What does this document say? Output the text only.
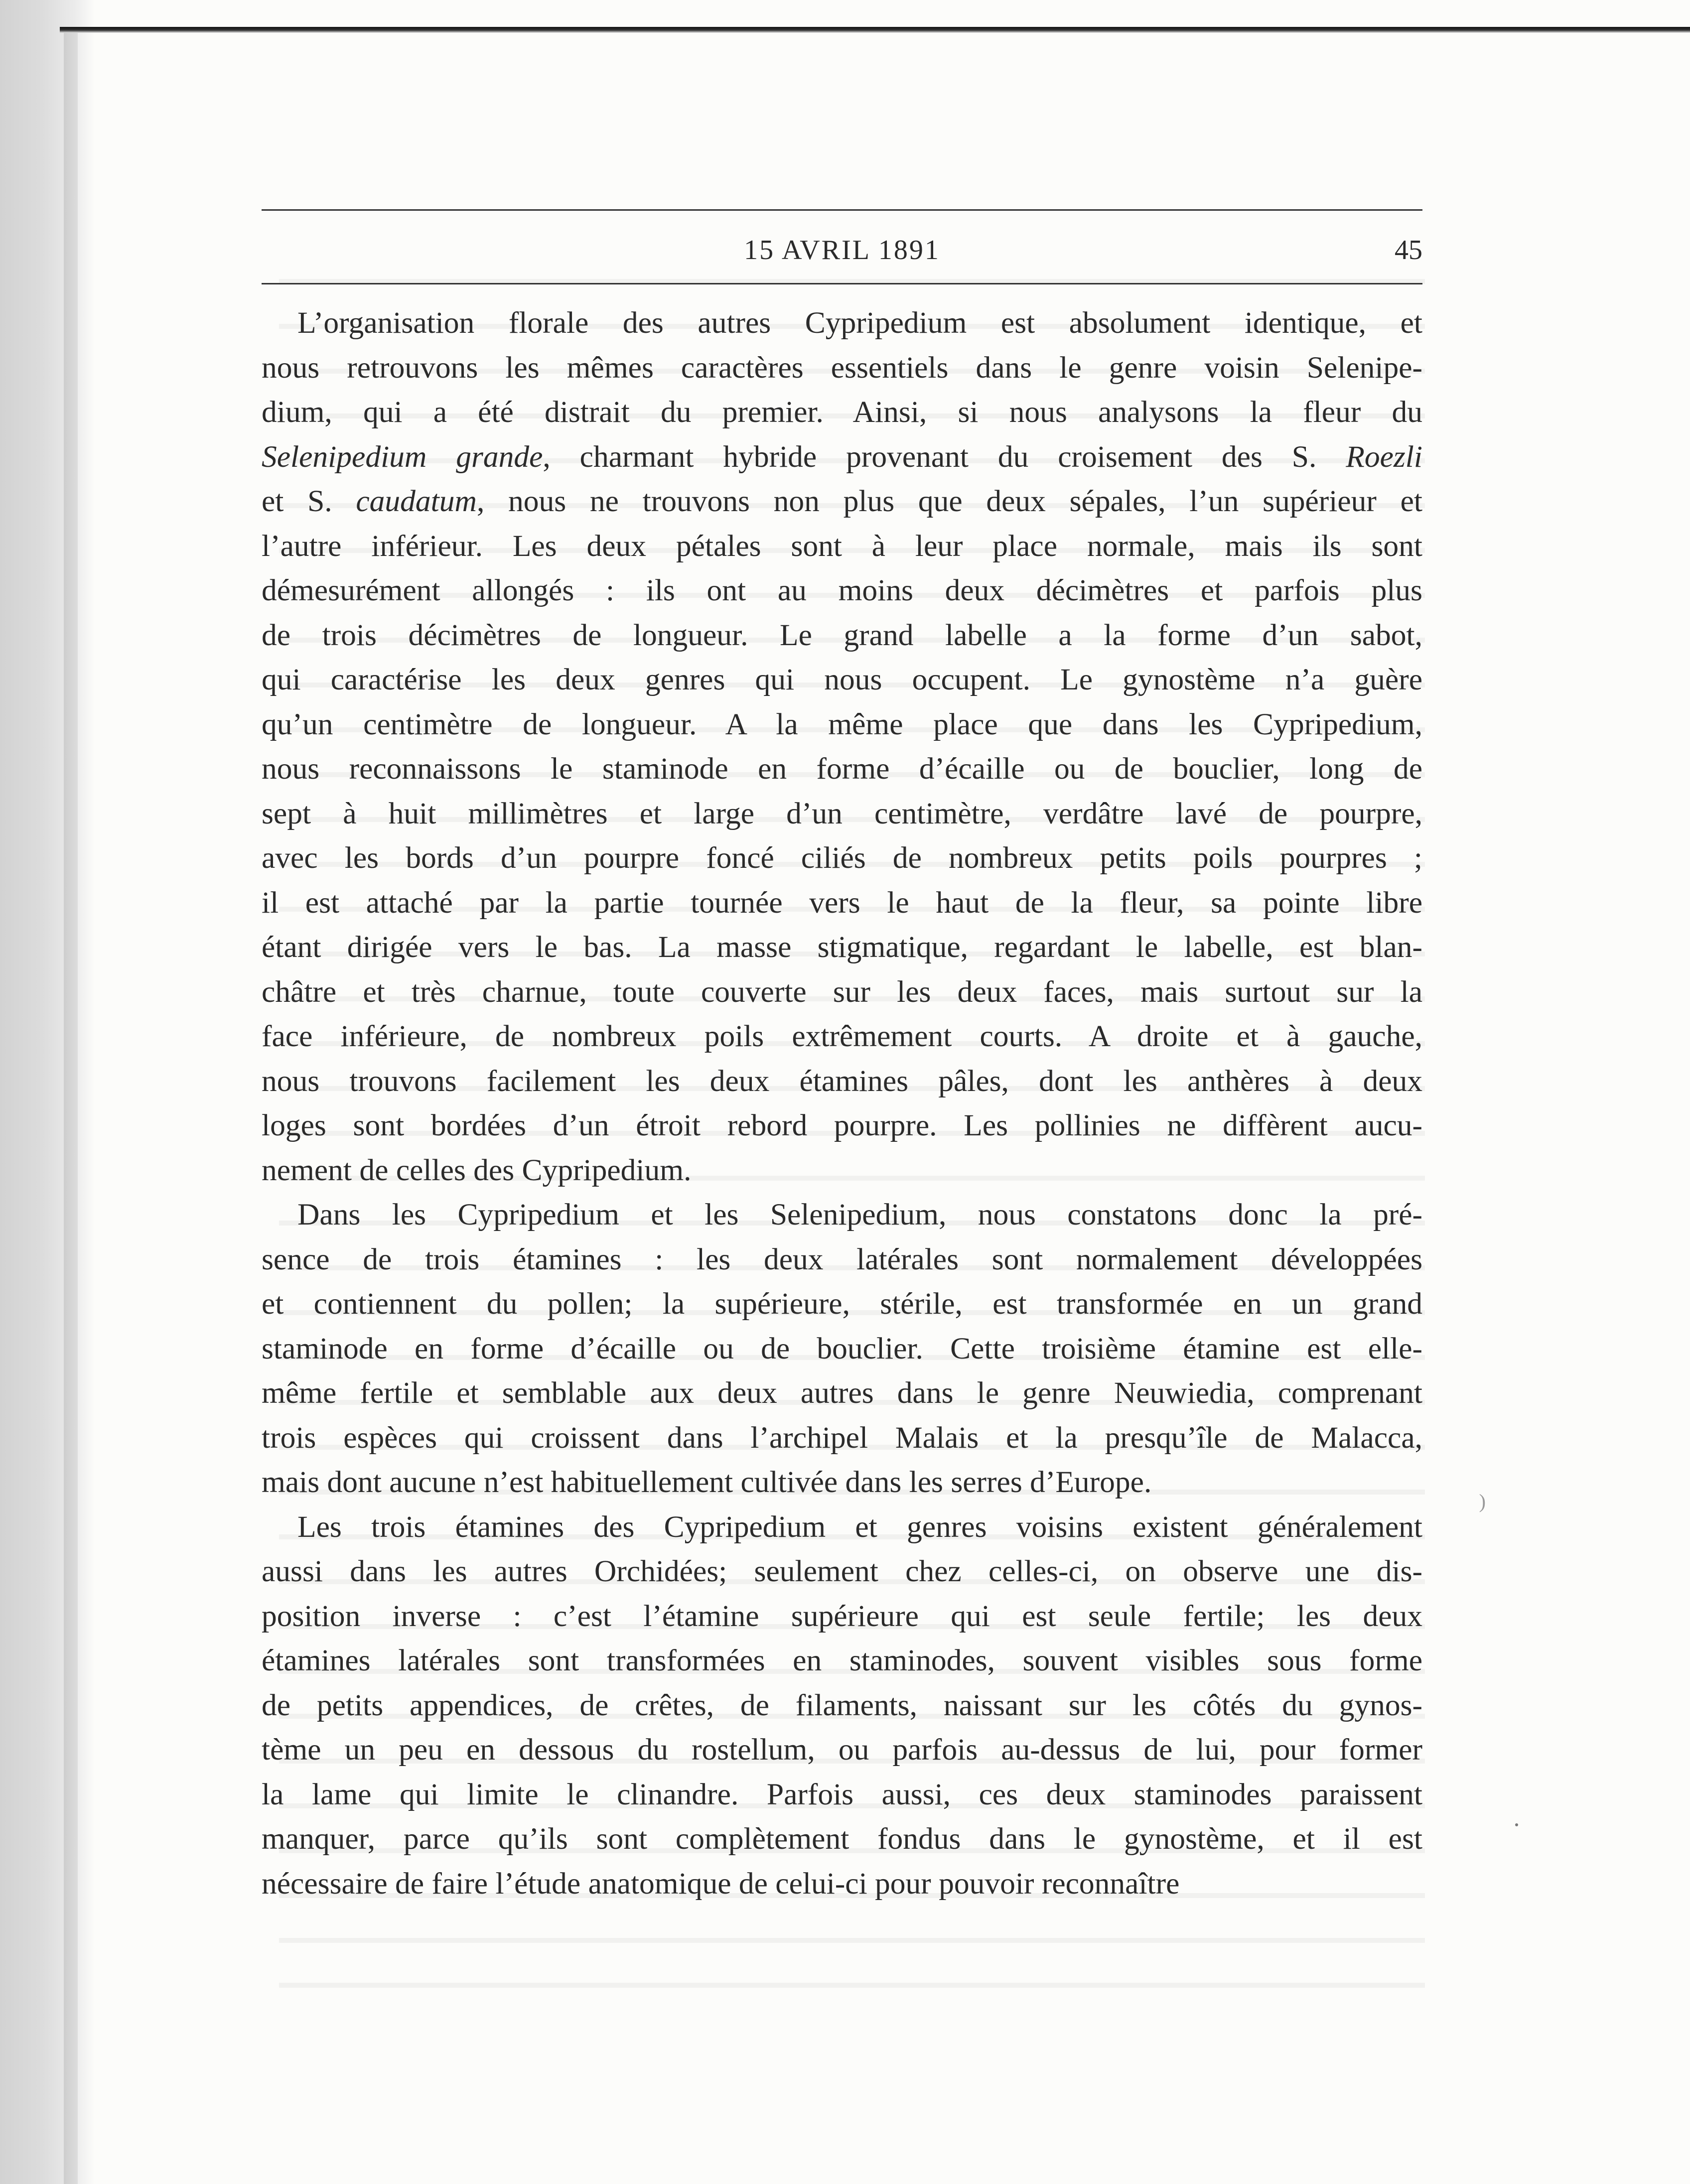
15 AVRIL 1891	45
L’organisation florale des autres Cypripedium est absolument identique, et
nous retrouvons les mêmes caractères essentiels dans le genre voisin Selenipe-
dium, qui a été distrait du premier. Ainsi, si nous analysons la fleur du
Selenipedium grande, charmant hybride provenant du croisement des S. Roezli
et S. caudatum, nous ne trouvons non plus que deux sépales, l’un supérieur et
l’autre inférieur. Les deux pétales sont à leur place normale, mais ils sont
démesurément allongés : ils ont au moins deux décimètres et parfois plus
de trois décimètres de longueur. Le grand labelle a la forme d’un sabot,
qui caractérise les deux genres qui nous occupent. Le gynostème n’a guère
qu’un centimètre de longueur. A la même place que dans les Cypripedium,
nous reconnaissons le staminode en forme d’écaille ou de bouclier, long de
sept à huit millimètres et large d’un centimètre, verdâtre lavé de pourpre,
avec les bords d’un pourpre foncé ciliés de nombreux petits poils pourpres ;
il est attaché par la partie tournée vers le haut de la fleur, sa pointe libre
étant dirigée vers le bas. La masse stigmatique, regardant le labelle, est blan-
châtre et très charnue, toute couverte sur les deux faces, mais surtout sur la
face inférieure, de nombreux poils extrêmement courts. A droite et à gauche,
nous trouvons facilement les deux étamines pâles, dont les anthères à deux
loges sont bordées d’un étroit rebord pourpre. Les pollinies ne diffèrent aucu-
nement de celles des Cypripedium.
Dans les Cypripedium et les Selenipedium, nous constatons donc la pré-
sence de trois étamines : les deux latérales sont normalement développées
et contiennent du pollen; la supérieure, stérile, est transformée en un grand
staminode en forme d’écaille ou de bouclier. Cette troisième étamine est elle-
même fertile et semblable aux deux autres dans le genre Neuwiedia, comprenant
trois espèces qui croissent dans l’archipel Malais et la presqu’île de Malacca,
mais dont aucune n’est habituellement cultivée dans les serres d’Europe.
Les trois étamines des Cypripedium et genres voisins existent généralement
aussi dans les autres Orchidées; seulement chez celles-ci, on observe une dis-
position inverse : c’est l’étamine supérieure qui est seule fertile; les deux
étamines latérales sont transformées en staminodes, souvent visibles sous forme
de petits appendices, de crêtes, de filaments, naissant sur les côtés du gynos-
tème un peu en dessous du rostellum, ou parfois au-dessus de lui, pour former
la lame qui limite le clinandre. Parfois aussi, ces deux staminodes paraissent
manquer, parce qu’ils sont complètement fondus dans le gynostème, et il est
nécessaire de faire l’étude anatomique de celui-ci pour pouvoir reconnaître
)
